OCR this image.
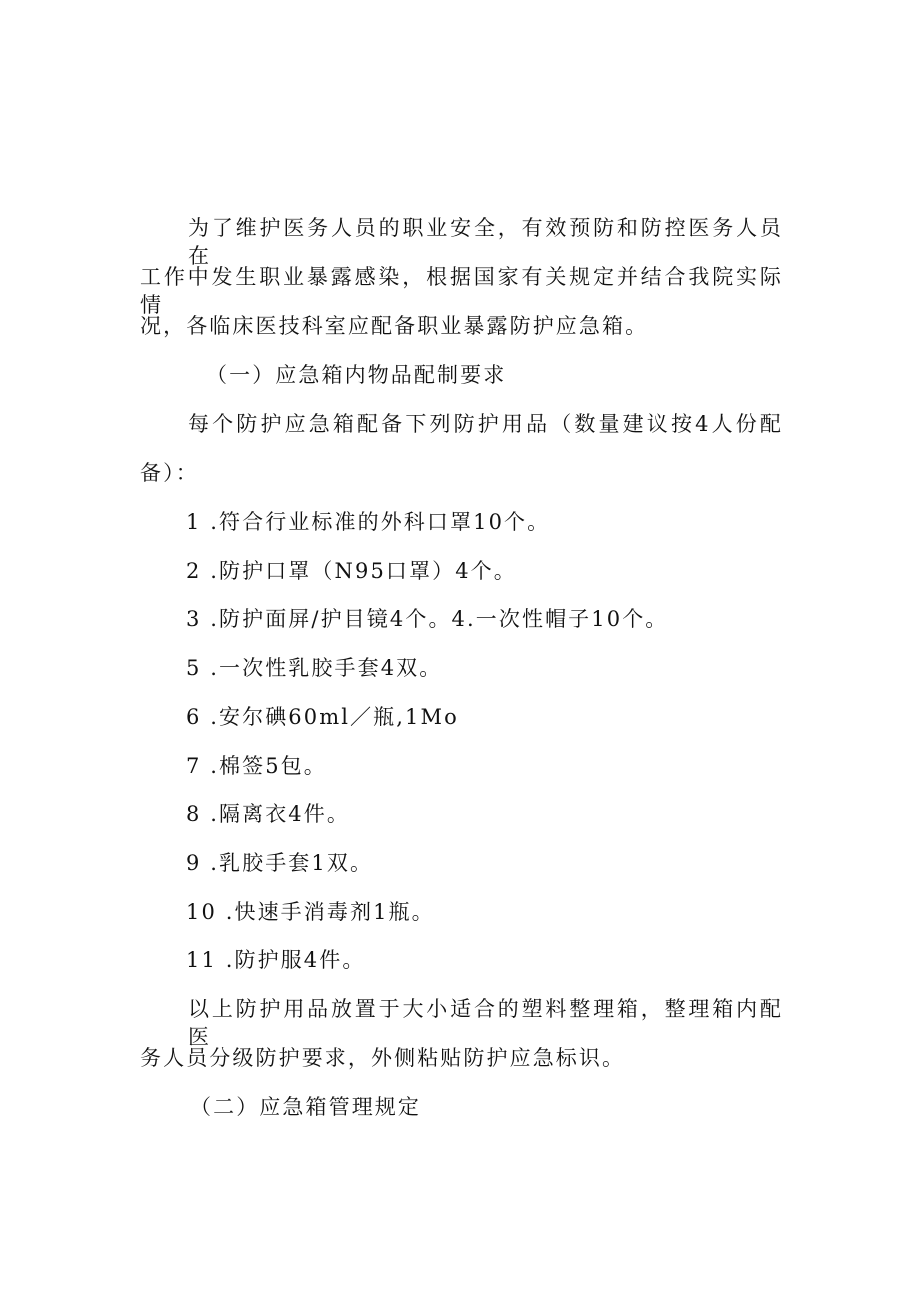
为了维护医务人员的职业安全，有效预防和防控医务人员在
工作中发生职业暴露感染，根据国家有关规定并结合我院实际情
况，各临床医技科室应配备职业暴露防护应急箱。
（一）应急箱内物品配制要求
每个防护应急箱配备下列防护用品（数量建议按4人份配
备）：
1 .符合行业标准的外科口罩10个。
2 .防护口罩（N95口罩）4个。
3 .防护面屏/护目镜4个。4.一次性帽子10个。
5 .一次性乳胶手套4双。
6 .安尔碘60ml／瓶,1Mo
7 .棉签5包。
8 .隔离衣4件。
9 .乳胶手套1双。
10 .快速手消毒剂1瓶。
11 .防护服4件。
以上防护用品放置于大小适合的塑料整理箱，整理箱内配医
务人员分级防护要求，外侧粘贴防护应急标识。
（二）应急箱管理规定
